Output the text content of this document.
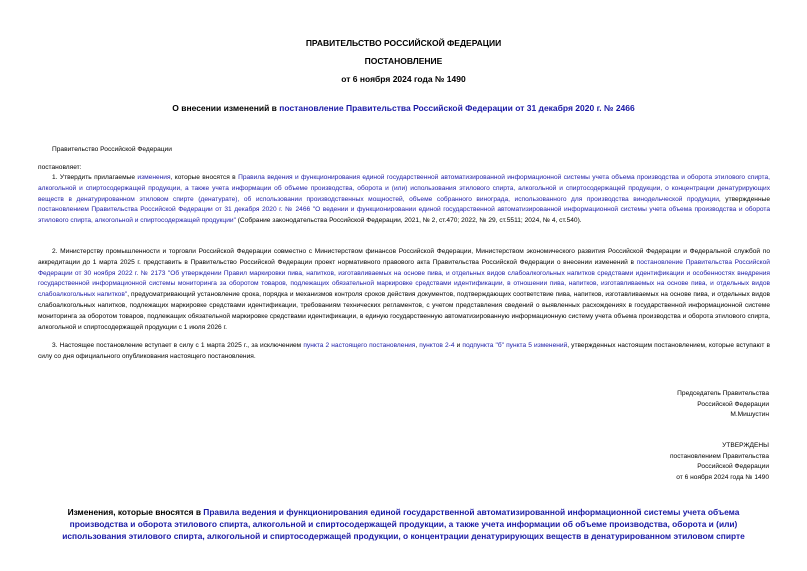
ПРАВИТЕЛЬСТВО РОССИЙСКОЙ ФЕДЕРАЦИИ
ПОСТАНОВЛЕНИЕ
от 6 ноября 2024 года № 1490
О внесении изменений в постановление Правительства Российской Федерации от 31 декабря 2020 г. № 2466
Правительство Российской Федерации
постановляет:
1. Утвердить прилагаемые изменения, которые вносятся в Правила ведения и функционирования единой государственной автоматизированной информационной системы учета объема производства и оборота этилового спирта, алкогольной и спиртосодержащей продукции, а также учета информации об объеме производства, оборота и (или) использования этилового спирта, алкогольной и спиртосодержащей продукции, о концентрации денатурирующих веществ в денатурированном этиловом спирте (денатурате), об использовании производственных мощностей, объеме собранного винограда, использованного для производства винодельческой продукции, утвержденные постановлением Правительства Российской Федерации от 31 декабря 2020 г. № 2466 "О ведении и функционировании единой государственной автоматизированной информационной системы учета объема производства и оборота этилового спирта, алкогольной и спиртосодержащей продукции" (Собрание законодательства Российской Федерации, 2021, № 2, ст.470; 2022, № 29, ст.5511; 2024, № 4, ст.540).
2. Министерству промышленности и торговли Российской Федерации совместно с Министерством финансов Российской Федерации, Министерством экономического развития Российской Федерации и Федеральной службой по аккредитации до 1 марта 2025 г. представить в Правительство Российской Федерации проект нормативного правового акта Правительства Российской Федерации о внесении изменений в постановление Правительства Российской Федерации от 30 ноября 2022 г. № 2173 "Об утверждении Правил маркировки пива, напитков, изготавливаемых на основе пива, и отдельных видов слабоалкогольных напитков средствами идентификации и особенностях внедрения государственной информационной системы мониторинга за оборотом товаров, подлежащих обязательной маркировке средствами идентификации, в отношении пива, напитков, изготавливаемых на основе пива, и отдельных видов слабоалкогольных напитков", предусматривающий установление срока, порядка и механизмов контроля сроков действия документов, подтверждающих соответствие пива, напитков, изготавливаемых на основе пива, и отдельных видов слабоалкогольных напитков, подлежащих маркировке средствами идентификации, требованиям технических регламентов, с учетом представления сведений о выявленных расхождениях в государственной информационной системе мониторинга за оборотом товаров, подлежащих обязательной маркировке средствами идентификации, в единую государственную автоматизированную информационную систему учета объема производства и оборота этилового спирта, алкогольной и спиртосодержащей продукции с 1 июля 2026 г.
3. Настоящее постановление вступает в силу с 1 марта 2025 г., за исключением пункта 2 настоящего постановления, пунктов 2-4 и подпункта "б" пункта 5 изменений, утвержденных настоящим постановлением, которые вступают в силу со дня официального опубликования настоящего постановления.
Председатель Правительства
Российской Федерации
М.Мишустин
УТВЕРЖДЕНЫ
постановлением Правительства
Российской Федерации
от 6 ноября 2024 года № 1490
Изменения, которые вносятся в Правила ведения и функционирования единой государственной автоматизированной информационной системы учета объема производства и оборота этилового спирта, алкогольной и спиртосодержащей продукции, а также учета информации об объеме производства, оборота и (или) использования этилового спирта, алкогольной и спиртосодержащей продукции, о концентрации денатурирующих веществ в денатурированном этиловом спирте
